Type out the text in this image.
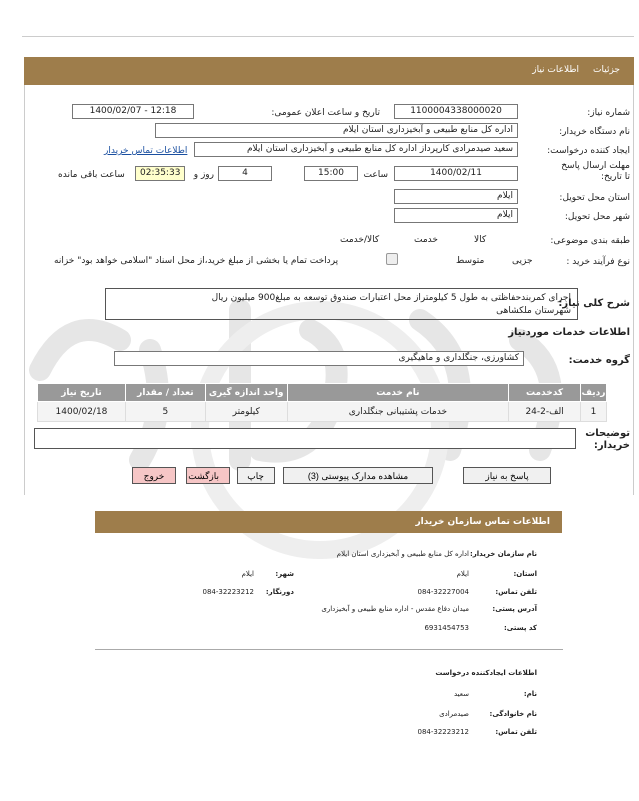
جزئیات
اطلاعات نیاز
شماره نیاز:
1100004338000020
تاریخ و ساعت اعلان عمومی:
1400/02/07 - 12:18
نام دستگاه خریدار:
اداره کل منابع طبیعی و آبخیزداری استان ایلام
ایجاد کننده درخواست:
سعید صیدمرادی کارپرداز اداره کل منابع طبیعی و آبخیزداری استان ایلام
اطلاعات تماس خریدار
مهلت ارسال پاسخ تا تاریخ:
1400/02/11
ساعت
15:00
4
روز و
02:35:33
ساعت باقی مانده
استان محل تحویل:
ایلام
شهر محل تحویل:
ایلام
طبقه بندی موضوعی:

کالا

خدمت

کالا/خدمت
نوع فرآیند خرید :

جزیی
متوسط
پرداخت تمام یا بخشی از مبلغ خرید،از محل اسناد "اسلامی خواهد بود" خزانه
شرح کلی نیاز:
اجرای کمربندحفاظتی به طول 5 کیلومتراز محل اعتبارات صندوق توسعه به مبلغ900 میلیون ریال
شهرستان ملکشاهی
اطلاعات خدمات موردنیاز
گروه خدمت:
کشاورزی، جنگلداری و ماهیگیری
ردیف	کدخدمت	نام خدمت	واحد اندازه گیری	تعداد / مقدار	تاریخ نیاز
1	الف-2-24	خدمات پشتیبانی جنگلداری	کیلومتر	5	1400/02/18
توضیحات خریدار:
پاسخ به نیاز
مشاهده مدارک پیوستی (3)
چاپ
بازگشت
خروج
اطلاعات تماس سازمان خریدار
نام سازمان خریدار:
اداره کل منابع طبیعی و آبخیزداری استان ایلام
استان:
ایلام
شهر:
ایلام
تلفن تماس:
084-32227004
دورنگار:
084-32223212
آدرس پستی:
میدان دفاع مقدس - اداره منابع طبیعی و آبخیزداری
کد پستی:
6931454753
اطلاعات ایجادکننده درخواست
نام:
سعید
نام خانوادگی:
صیدمرادی
تلفن تماس:
084-32223212
